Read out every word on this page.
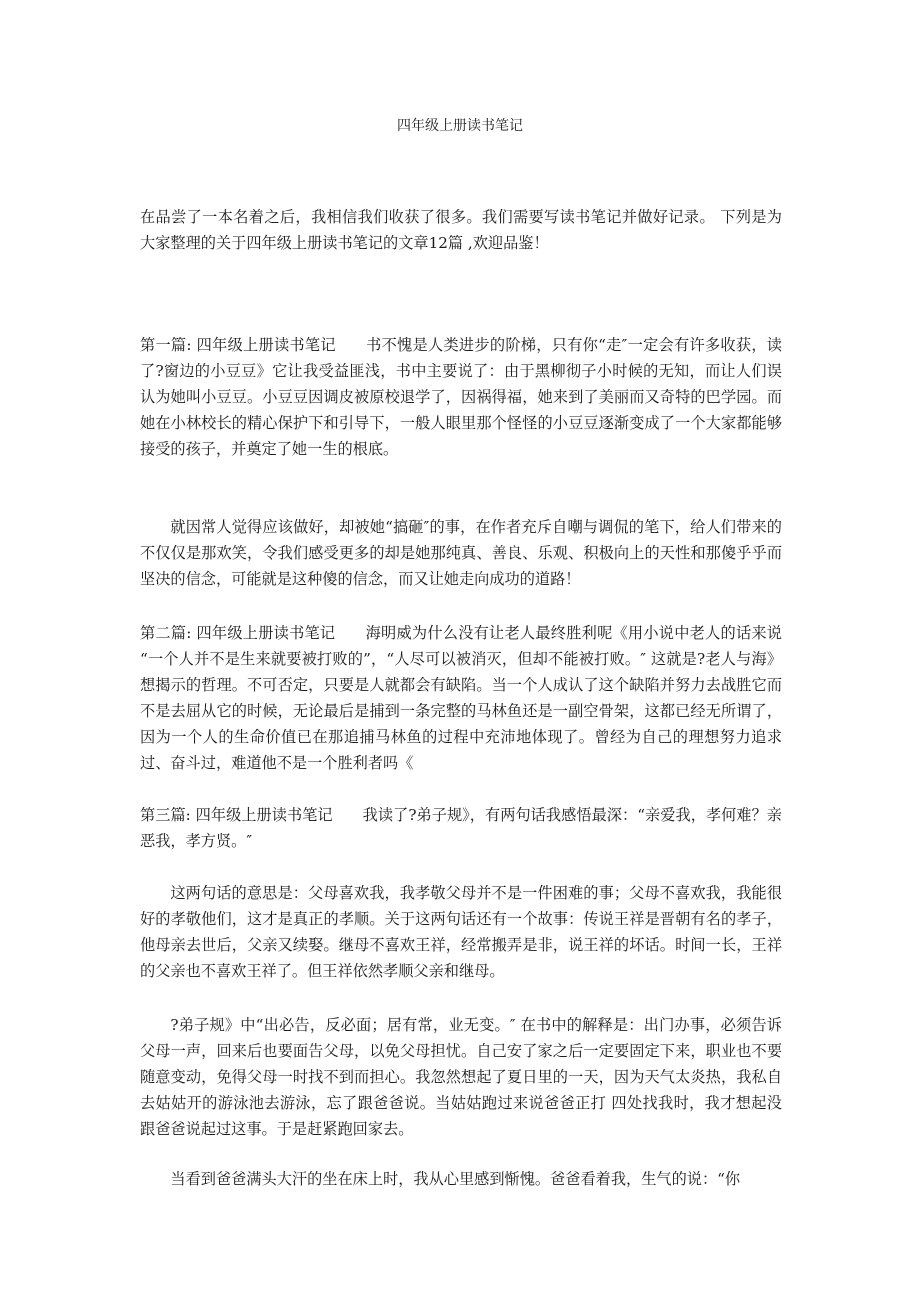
四年级上册读书笔记

在品尝了一本名着之后，我相信我们收获了很多。我们需要写读书笔记并做好记录。 下列是为大家整理的关于四年级上册读书笔记的文章12篇 ,欢迎品鉴！

第一篇: 四年级上册读书笔记 书不愧是人类进步的阶梯，只有你“走″一定会有许多收获，读了?窗边的小豆豆》它让我受益匪浅，书中主要说了：由于黑柳彻子小时候的无知，而让人们误认为她叫小豆豆。小豆豆因调皮被原校退学了，因祸得福，她来到了美丽而又奇特的巴学园。而她在小林校长的精心保护下和引导下，一般人眼里那个怪怪的小豆豆逐渐变成了一个大家都能够接受的孩子，并奠定了她一生的根底。

就因常人觉得应该做好，却被她“搞砸″的事，在作者充斥自嘲与调侃的笔下，给人们带来的不仅仅是那欢笑，令我们感受更多的却是她那纯真、善良、乐观、积极向上的天性和那傻乎乎而坚决的信念，可能就是这种傻的信念，而又让她走向成功的道路！

第二篇: 四年级上册读书笔记 海明威为什么没有让老人最终胜利呢《用小说中老人的话来说 “一个人并不是生来就要被打败的”，“人尽可以被消灭，但却不能被打败。″ 这就是?老人与海》想揭示的哲理。不可否定，只要是人就都会有缺陷。当一个人成认了这个缺陷并努力去战胜它而不是去屈从它的时候，无论最后是捕到一条完整的马林鱼还是一副空骨架，这都已经无所谓了，因为一个人的生命价值已在那追捕马林鱼的过程中充沛地体现了。曾经为自己的理想努力追求过、奋斗过，难道他不是一个胜利者吗《

第三篇: 四年级上册读书笔记 我读了?弟子规》，有两句话我感悟最深：“亲爱我，孝何难？亲恶我，孝方贤。″

这两句话的意思是：父母喜欢我，我孝敬父母并不是一件困难的事；父母不喜欢我，我能很好的孝敬他们，这才是真正的孝顺。关于这两句话还有一个故事：传说王祥是晋朝有名的孝子，他母亲去世后，父亲又续娶。继母不喜欢王祥，经常搬弄是非，说王祥的坏话。时间一长，王祥的父亲也不喜欢王祥了。但王祥依然孝顺父亲和继母。

?弟子规》中“出必告，反必面；居有常，业无变。″ 在书中的解释是：出门办事，必须告诉父母一声，回来后也要面告父母，以免父母担忧。自己安了家之后一定要固定下来，职业也不要随意变动，免得父母一时找不到而担心。我忽然想起了夏日里的一天，因为天气太炎热，我私自去姑姑开的游泳池去游泳，忘了跟爸爸说。当姑姑跑过来说爸爸正打 四处找我时，我才想起没跟爸爸说起过这事。于是赶紧跑回家去。

当看到爸爸满头大汗的坐在床上时，我从心里感到惭愧。爸爸看着我，生气的说：“你
